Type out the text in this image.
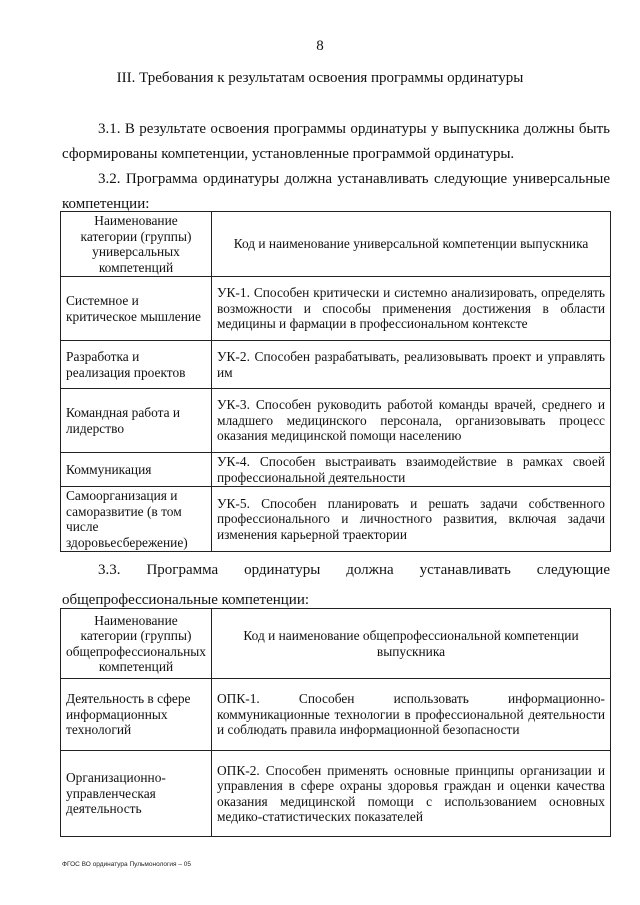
8
III. Требования к результатам освоения программы ординатуры
3.1. В результате освоения программы ординатуры у выпускника должны быть сформированы компетенции, установленные программой ординатуры.
3.2. Программа ординатуры должна устанавливать следующие универсальные компетенции:
Наименование категории (группы) универсальных компетенций	Код и наименование универсальной компетенции выпускника
Системное и критическое мышление	УК-1. Способен критически и системно анализировать, определять возможности и способы применения достижения в области медицины и фармации в профессиональном контексте
Разработка и реализация проектов	УК-2. Способен разрабатывать, реализовывать проект и управлять им
Командная работа и лидерство	УК-3. Способен руководить работой команды врачей, среднего и младшего медицинского персонала, организовывать процесс оказания медицинской помощи населению
Коммуникация	УК-4. Способен выстраивать взаимодействие в рамках своей профессиональной деятельности
Самоорганизация и саморазвитие (в том числе здоровьесбережение)	УК-5. Способен планировать и решать задачи собственного профессионального и личностного развития, включая задачи изменения карьерной траектории
3.3. Программа ординатуры должна устанавливать следующие общепрофессиональные компетенции:
Наименование категории (группы) общепрофессиональных компетенций	Код и наименование общепрофессиональной компетенции выпускника
Деятельность в сфере информационных технологий	ОПК-1. Способен использовать информационно-коммуникационные технологии в профессиональной деятельности и соблюдать правила информационной безопасности
Организационно-управленческая деятельность	ОПК-2. Способен применять основные принципы организации и управления в сфере охраны здоровья граждан и оценки качества оказания медицинской помощи с использованием основных медико-статистических показателей
ФГОС ВО ординатура Пульмонология – 05
